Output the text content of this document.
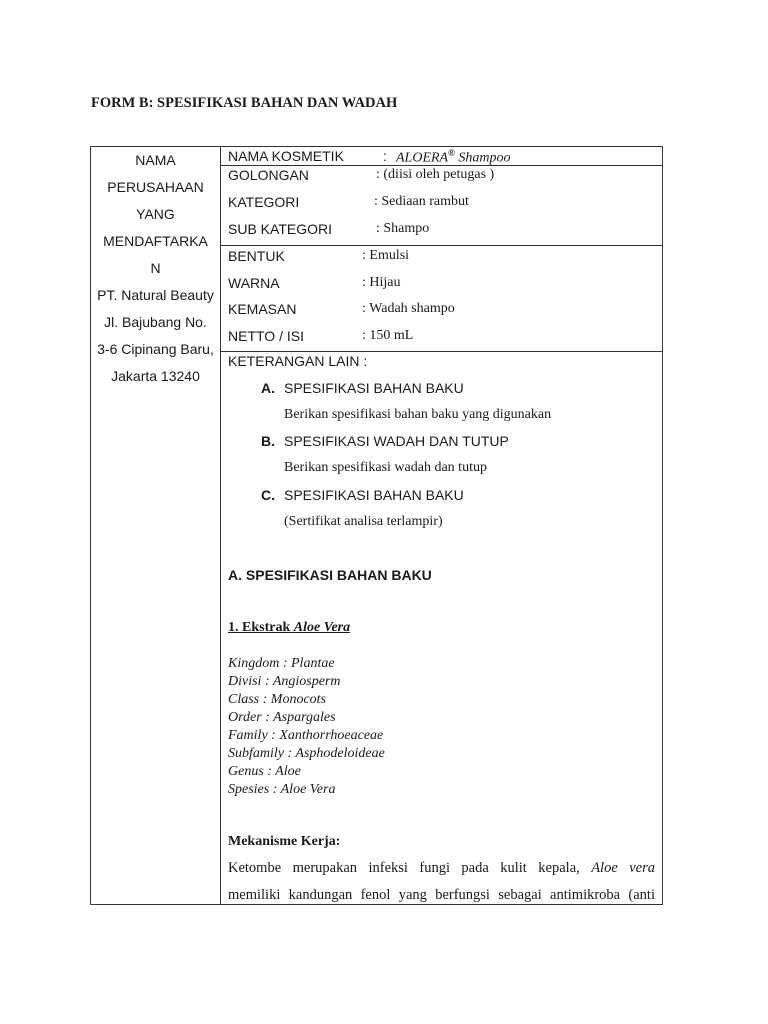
FORM B: SPESIFIKASI BAHAN DAN WADAH
NAMA
PERUSAHAAN
YANG
MENDAFTARKA
N
PT. Natural Beauty
Jl. Bajubang No.
3-6 Cipinang Baru,
Jakarta 13240
NAMA KOSMETIK	: ALOERA® Shampoo
GOLONGAN	: (diisi oleh petugas )
KATEGORI	: Sediaan rambut
SUB KATEGORI	: Shampo
BENTUK	: Emulsi
WARNA	: Hijau
KEMASAN	: Wadah shampo
NETTO / ISI	: 150 mL
KETERANGAN LAIN :
A. SPESIFIKASI BAHAN BAKU
Berikan spesifikasi bahan baku yang digunakan
B. SPESIFIKASI WADAH DAN TUTUP
Berikan spesifikasi wadah dan tutup
C. SPESIFIKASI BAHAN BAKU
(Sertifikat analisa terlampir)
A. SPESIFIKASI BAHAN BAKU
1. Ekstrak Aloe Vera
Kingdom : Plantae
Divisi : Angiosperm
Class : Monocots
Order : Aspargales
Family : Xanthorrhoeaceae
Subfamily : Asphodeloideae
Genus : Aloe
Spesies : Aloe Vera
Mekanisme Kerja:
Ketombe merupakan infeksi fungi pada kulit kepala, Aloe vera
memiliki kandungan fenol yang berfungsi sebagai antimikroba (anti
